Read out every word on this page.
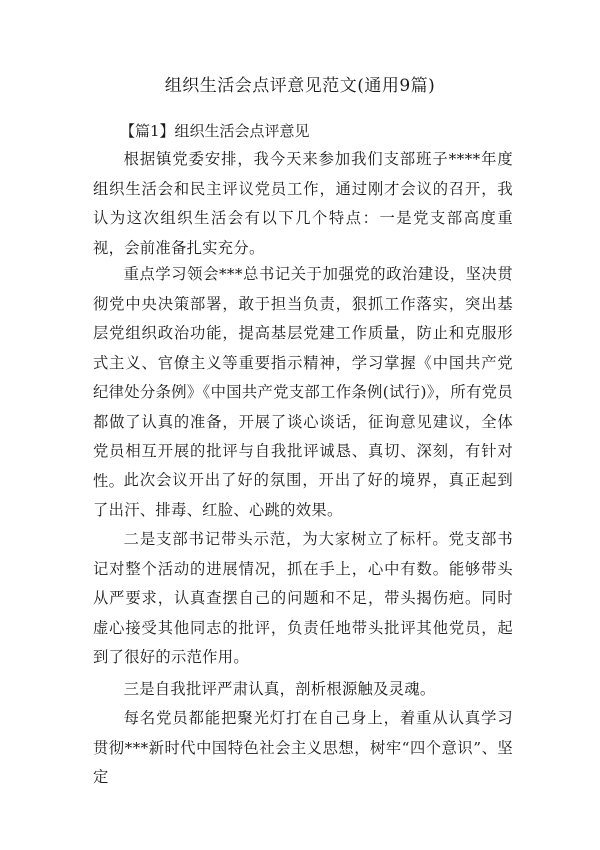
组织生活会点评意见范文(通用9篇)
【篇1】组织生活会点评意见

根据镇党委安排，我今天来参加我们支部班子****年度组织生活会和民主评议党员工作，通过刚才会议的召开，我认为这次组织生活会有以下几个特点：一是党支部高度重视，会前准备扎实充分。

重点学习领会***总书记关于加强党的政治建设，坚决贯彻党中央决策部署，敢于担当负责，狠抓工作落实，突出基层党组织政治功能，提高基层党建工作质量，防止和克服形式主义、官僚主义等重要指示精神，学习掌握《中国共产党纪律处分条例》《中国共产党支部工作条例(试行)》，所有党员都做了认真的准备，开展了谈心谈话，征询意见建议，全体党员相互开展的批评与自我批评诚恳、真切、深刻，有针对性。 此次会议开出了好的氛围，开出了好的境界，真正起到了出汗、排毒、红脸、心跳的效果。

二是支部书记带头示范，为大家树立了标杆。党支部书记对整个活动的进展情况，抓在手上，心中有数。能够带头从严要求，认真查摆自己的问题和不足，带头揭伤疤。同时虚心接受其他同志的批评，负责任地带头批评其他党员，起到了很好的示范作用。

三是自我批评严肃认真，剖析根源触及灵魂。

每名党员都能把聚光灯打在自己身上，着重从认真学习贯彻***新时代中国特色社会主义思想，树牢“四个意识”、坚定
